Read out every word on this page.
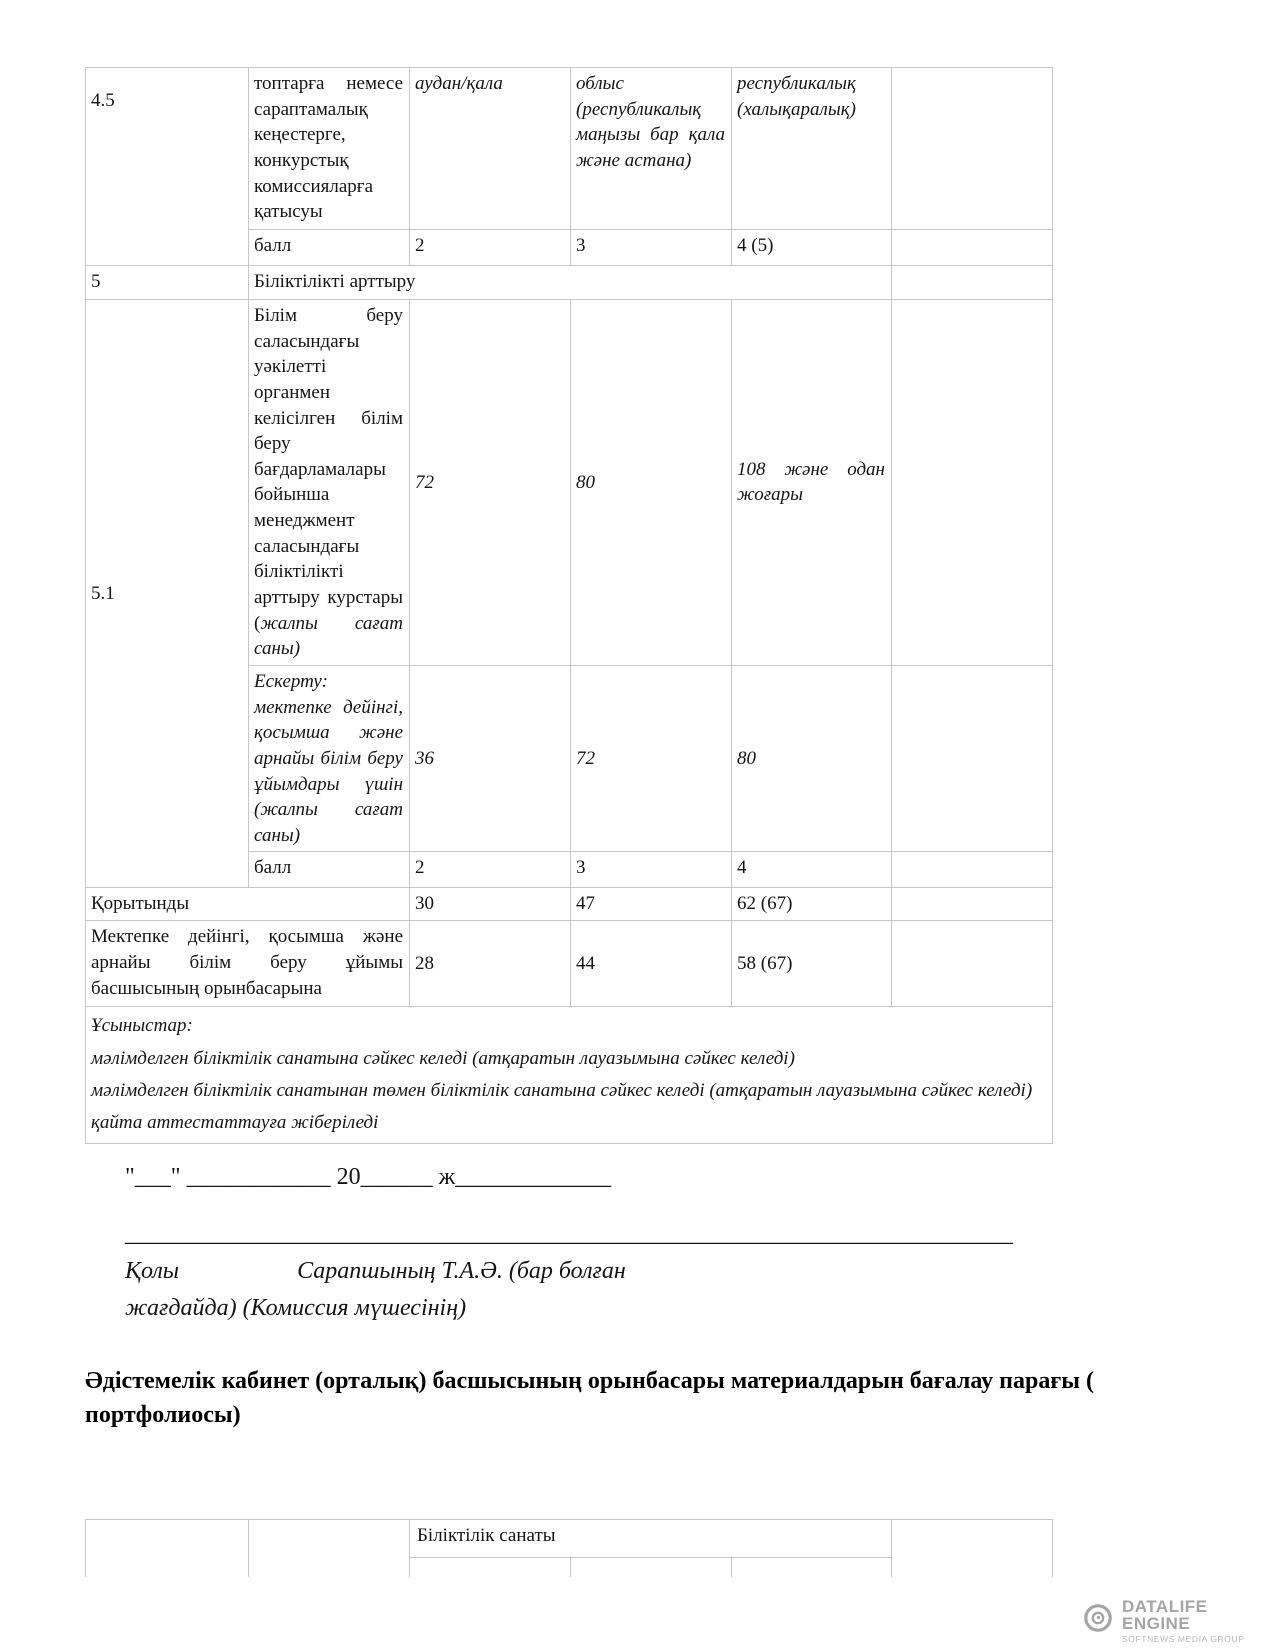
4.5	топтарға немесе сараптамалық кеңестерге, конкурстық комиссияларға қатысуы	аудан/қала	облыс (республикалық маңызы бар қала және астана)	республикалық (халықаралық)	
	балл	2	3	4 (5)	
5	Біліктілікті арттыру				
5.1	Білім беру саласындағы уәкілетті органмен келісілген білім беру бағдарламалары бойынша менеджмент саласындағы біліктілікті арттыру курстары (жалпы сағат саны)	72	80	108 және одан жоғары	
	Ескерту: мектепке дейінгі, қосымша және арнайы білім беру ұйымдары үшін (жалпы сағат саны)	36	72	80	
	балл	2	3	4	
Қорытынды		30	47	62 (67)	
Мектепке дейінгі, қосымша және арнайы білім беру ұйымы басшысының орынбасарына		28	44	58 (67)	

Ұсыныстар:

мәлімделген біліктілік санатына сәйкес келеді (атқаратын лауазымына сәйкес келеді)

мәлімделген біліктілік санатынан төмен біліктілік санатына сәйкес келеді (атқаратын лауазымына сәйкес келеді)

қайта аттестаттауға жіберіледі					

"___" ____________ 20______ ж_____________
__________________________________________________________________________
Қолы	Сарапшының Т.А.Ә. (бар болған
жағдайда) (Комиссия мүшесінің)
Әдістемелік кабинет (орталық) басшысының орынбасары материалдарын бағалау парағы ( портфолиосы)
		Біліктілік санаты			

DATALIFE ENGINE
SOFTNEWS MEDIA GROUP
